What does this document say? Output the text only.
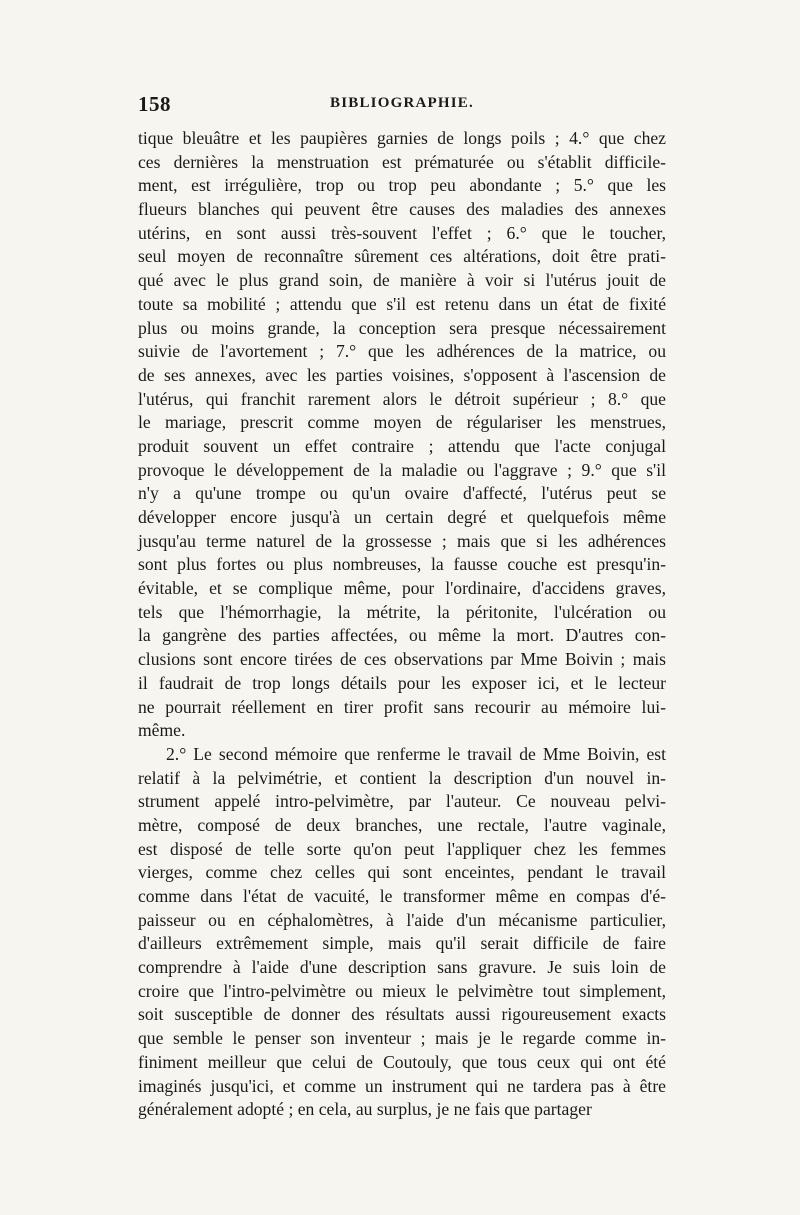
158	BIBLIOGRAPHIE.
tique bleuâtre et les paupières garnies de longs poils ; 4.° que chez
ces dernières la menstruation est prématurée ou s'établit difficile-
ment, est irrégulière, trop ou trop peu abondante ; 5.° que les
flueurs blanches qui peuvent être causes des maladies des annexes
utérins, en sont aussi très-souvent l'effet ; 6.° que le toucher,
seul moyen de reconnaître sûrement ces altérations, doit être prati-
qué avec le plus grand soin, de manière à voir si l'utérus jouit de
toute sa mobilité ; attendu que s'il est retenu dans un état de fixité
plus ou moins grande, la conception sera presque nécessairement
suivie de l'avortement ; 7.° que les adhérences de la matrice, ou
de ses annexes, avec les parties voisines, s'opposent à l'ascension de
l'utérus, qui franchit rarement alors le détroit supérieur ; 8.° que
le mariage, prescrit comme moyen de régulariser les menstrues,
produit souvent un effet contraire ; attendu que l'acte conjugal
provoque le développement de la maladie ou l'aggrave ; 9.° que s'il
n'y a qu'une trompe ou qu'un ovaire d'affecté, l'utérus peut se
développer encore jusqu'à un certain degré et quelquefois même
jusqu'au terme naturel de la grossesse ; mais que si les adhérences
sont plus fortes ou plus nombreuses, la fausse couche est presqu'in-
évitable, et se complique même, pour l'ordinaire, d'accidens graves,
tels que l'hémorrhagie, la métrite, la péritonite, l'ulcération ou
la gangrène des parties affectées, ou même la mort. D'autres con-
clusions sont encore tirées de ces observations par Mme Boivin ; mais
il faudrait de trop longs détails pour les exposer ici, et le lecteur
ne pourrait réellement en tirer profit sans recourir au mémoire lui-
même.
2.° Le second mémoire que renferme le travail de Mme Boivin, est
relatif à la pelvimétrie, et contient la description d'un nouvel in-
strument appelé intro-pelvimètre, par l'auteur. Ce nouveau pelvi-
mètre, composé de deux branches, une rectale, l'autre vaginale,
est disposé de telle sorte qu'on peut l'appliquer chez les femmes
vierges, comme chez celles qui sont enceintes, pendant le travail
comme dans l'état de vacuité, le transformer même en compas d'é-
paisseur ou en céphalomètres, à l'aide d'un mécanisme particulier,
d'ailleurs extrêmement simple, mais qu'il serait difficile de faire
comprendre à l'aide d'une description sans gravure. Je suis loin de
croire que l'intro-pelvimètre ou mieux le pelvimètre tout simplement,
soit susceptible de donner des résultats aussi rigoureusement exacts
que semble le penser son inventeur ; mais je le regarde comme in-
finiment meilleur que celui de Coutouly, que tous ceux qui ont été
imaginés jusqu'ici, et comme un instrument qui ne tardera pas à être
généralement adopté ; en cela, au surplus, je ne fais que partager
